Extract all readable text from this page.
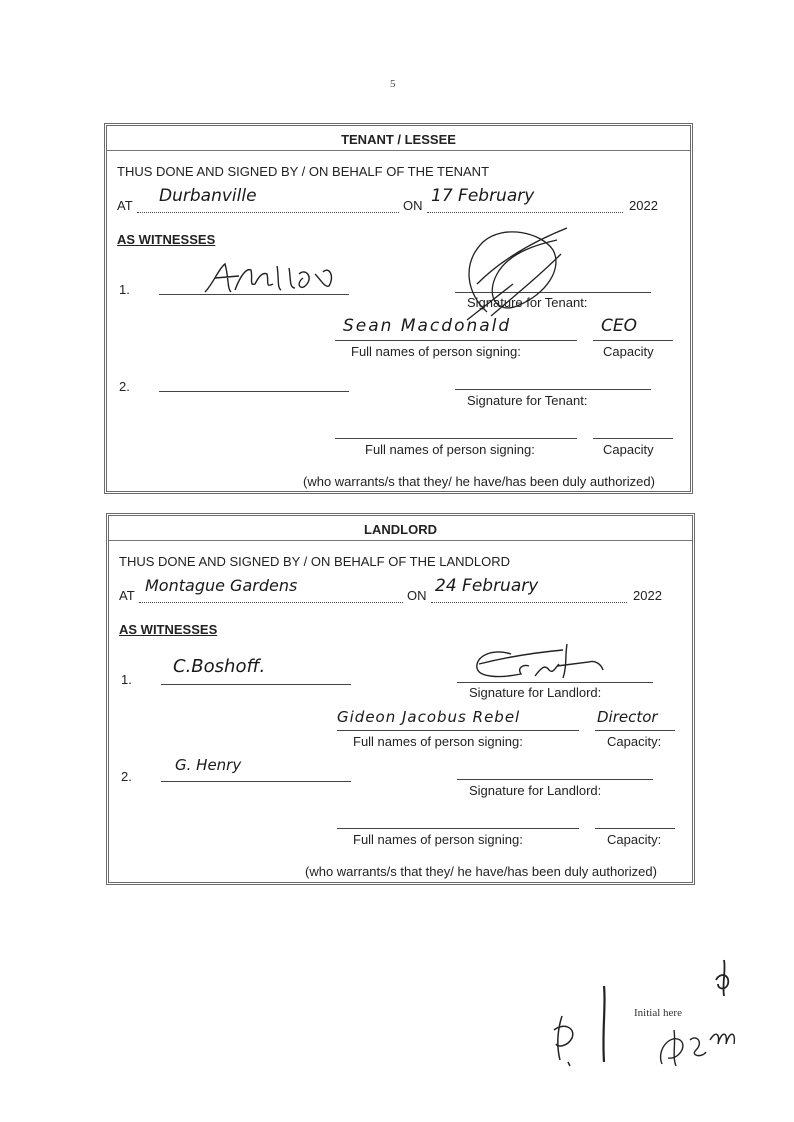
5
TENANT / LESSEE
THUS DONE AND SIGNED BY / ON BEHALF OF THE TENANT
AT Durbanville	ON 17 February	2022
AS WITNESSES
1.
Signature for Tenant:
Sean Macdonald	CEO
Full names of person signing:	Capacity
2.
Signature for Tenant:
Full names of person signing:	Capacity
(who warrants/s that they/ he have/has been duly authorized)
LANDLORD
THUS DONE AND SIGNED BY / ON BEHALF OF THE LANDLORD
AT
Montague Gardens
ON 24 February	2022
AS WITNESSES
1.
C.Boshoff.
Signature for Landlord:
Gideon Jacobus Rebel	Director
Full names of person signing:	Capacity:
2.
G. Henry
Signature for Landlord:
Full names of person signing:	Capacity:
(who warrants/s that they/ he have/has been duly authorized)
Initial here
